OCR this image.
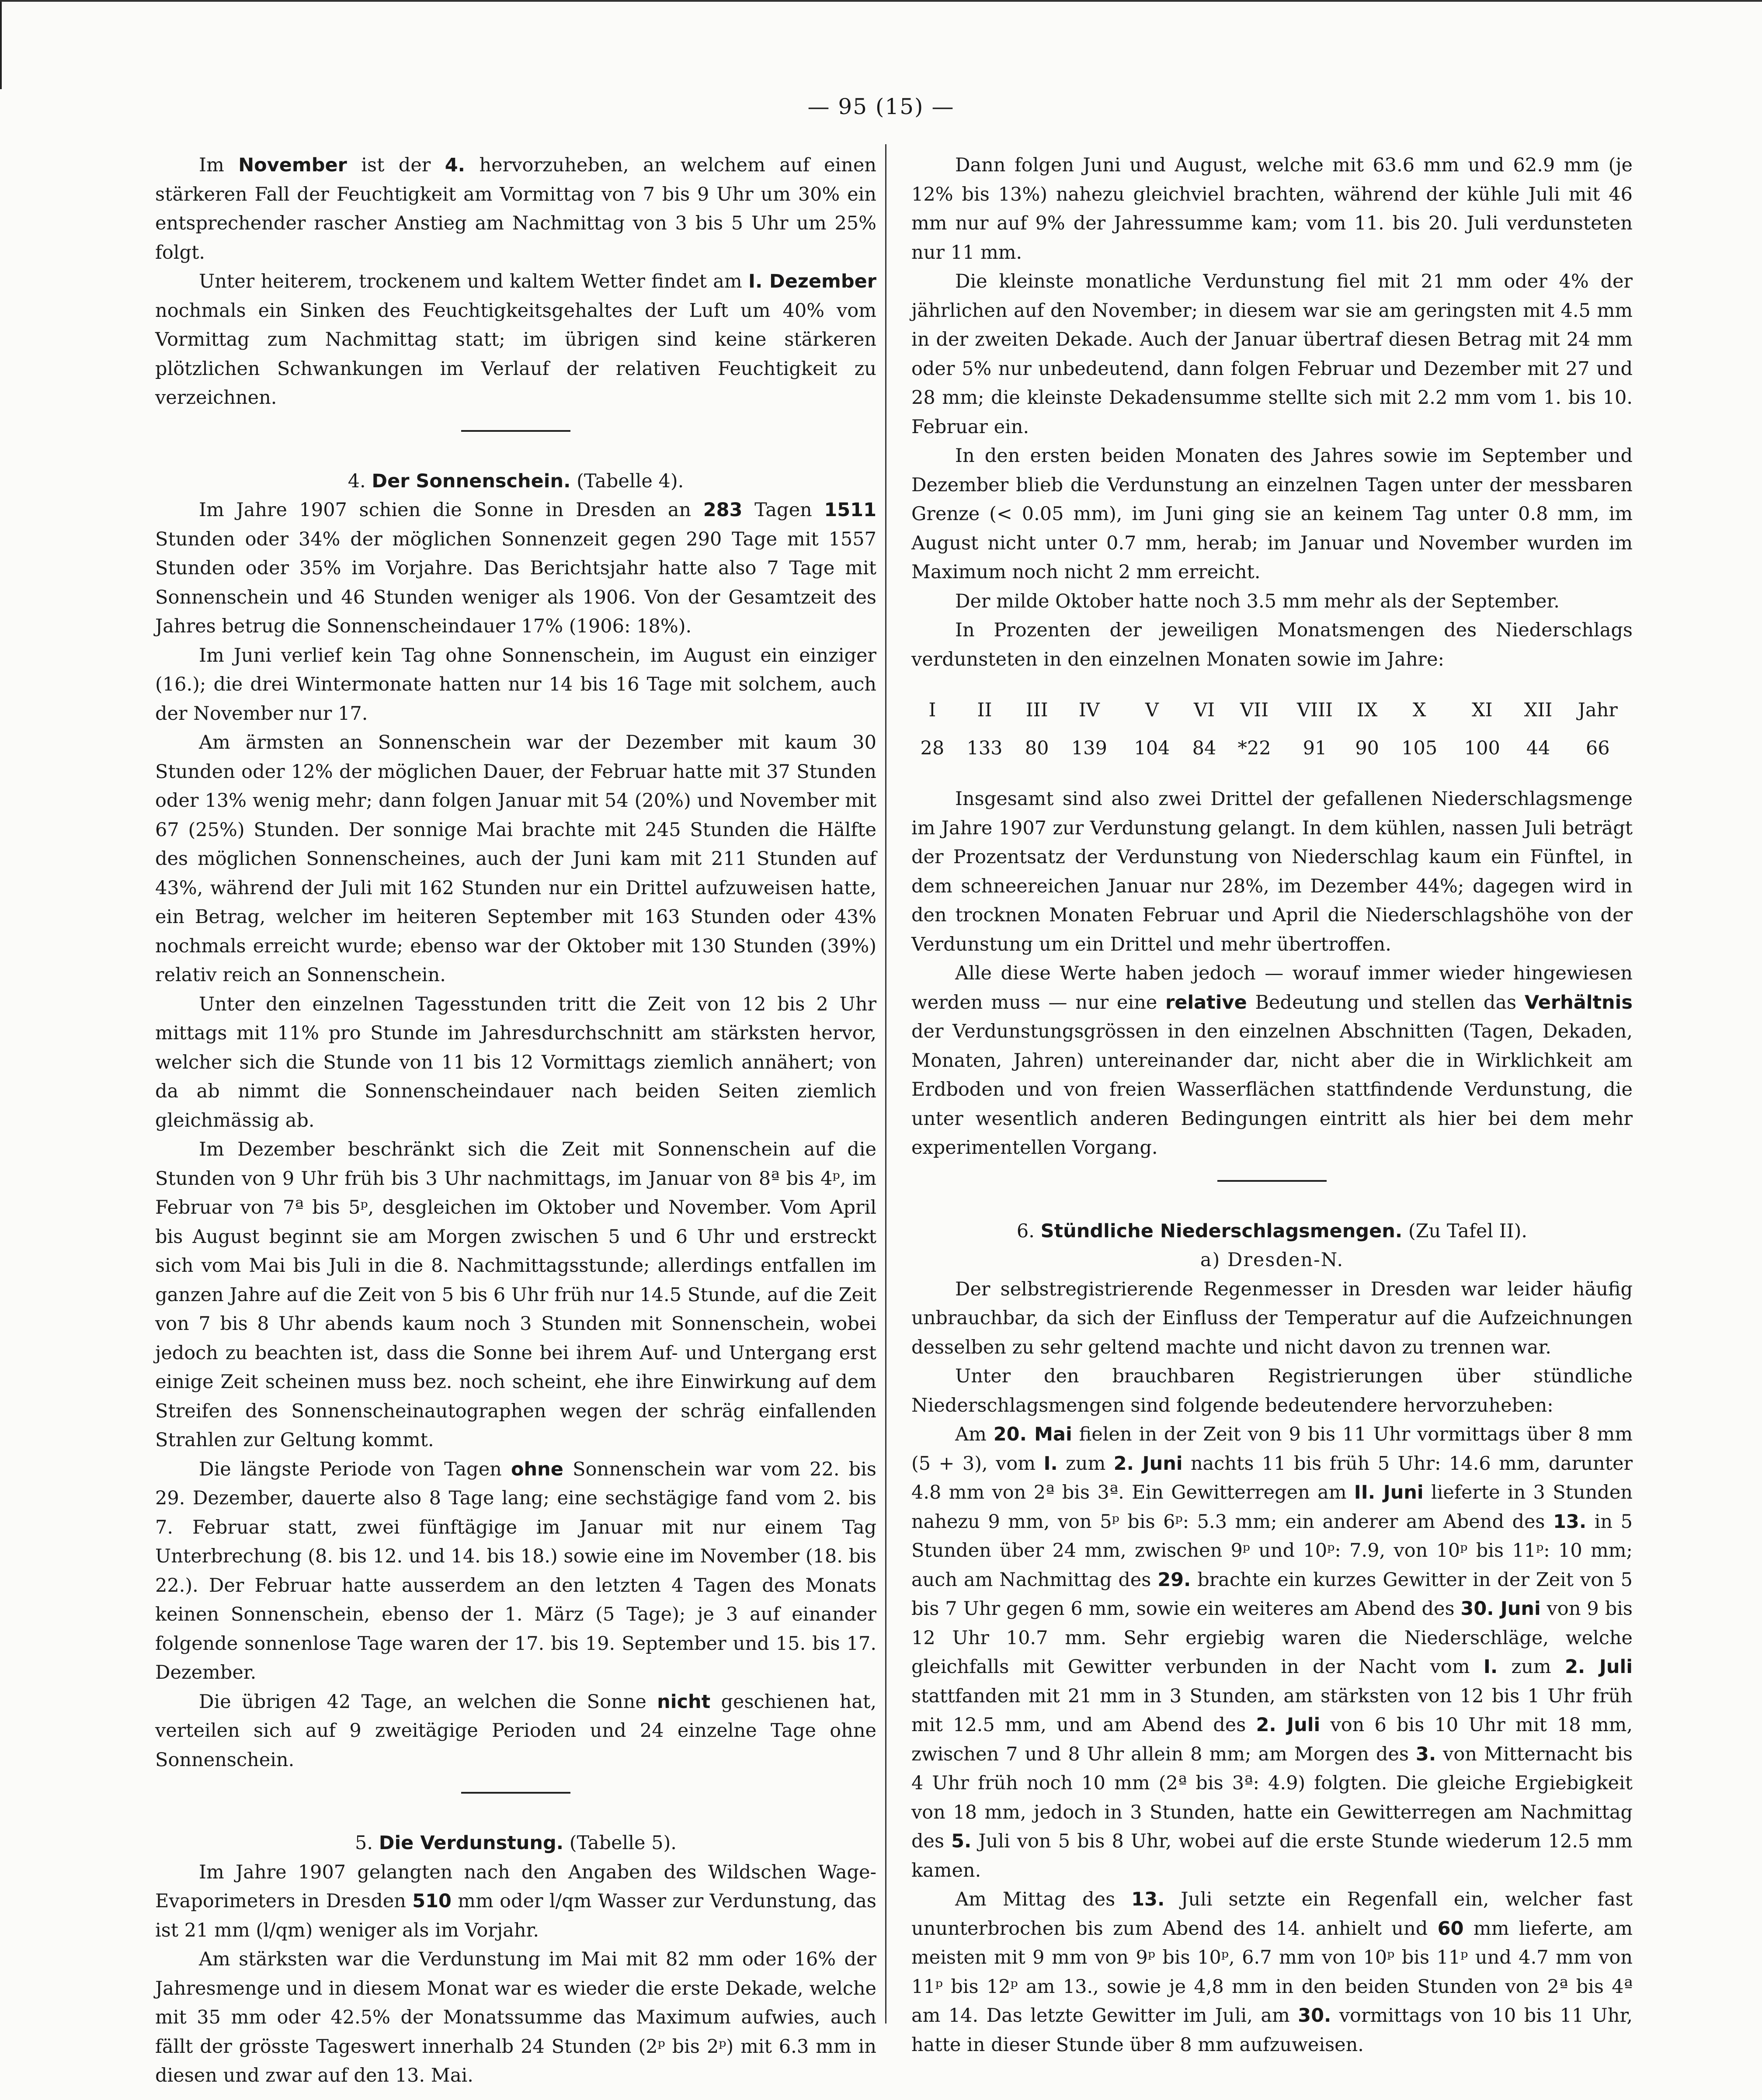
— 95 (15) —

Im November ist der 4. hervorzuheben, an welchem auf einen stärkeren Fall der Feuchtigkeit am Vormittag von 7 bis 9 Uhr um 30% ein entsprechender rascher Anstieg am Nachmittag von 3 bis 5 Uhr um 25% folgt.

Unter heiterem, trockenem und kaltem Wetter findet am I. Dezember nochmals ein Sinken des Feuchtigkeitsgehaltes der Luft um 40% vom Vormittag zum Nachmittag statt; im übrigen sind keine stärkeren plötzlichen Schwankungen im Verlauf der relativen Feuchtigkeit zu verzeichnen.

4. Der Sonnenschein. (Tabelle 4).

Im Jahre 1907 schien die Sonne in Dresden an 283 Tagen 1511 Stunden oder 34% der möglichen Sonnenzeit gegen 290 Tage mit 1557 Stunden oder 35% im Vorjahre. Das Berichtsjahr hatte also 7 Tage mit Sonnenschein und 46 Stunden weniger als 1906. Von der Gesamtzeit des Jahres betrug die Sonnenscheindauer 17% (1906: 18%).

Im Juni verlief kein Tag ohne Sonnenschein, im August ein einziger (16.); die drei Wintermonate hatten nur 14 bis 16 Tage mit solchem, auch der November nur 17.

Am ärmsten an Sonnenschein war der Dezember mit kaum 30 Stunden oder 12% der möglichen Dauer, der Februar hatte mit 37 Stunden oder 13% wenig mehr; dann folgen Januar mit 54 (20%) und November mit 67 (25%) Stunden. Der sonnige Mai brachte mit 245 Stunden die Hälfte des möglichen Sonnenscheines, auch der Juni kam mit 211 Stunden auf 43%, während der Juli mit 162 Stunden nur ein Drittel aufzuweisen hatte, ein Betrag, welcher im heiteren September mit 163 Stunden oder 43% nochmals erreicht wurde; ebenso war der Oktober mit 130 Stunden (39%) relativ reich an Sonnenschein.

Unter den einzelnen Tagesstunden tritt die Zeit von 12 bis 2 Uhr mittags mit 11% pro Stunde im Jahresdurchschnitt am stärksten hervor, welcher sich die Stunde von 11 bis 12 Vormittags ziemlich annähert; von da ab nimmt die Sonnenscheindauer nach beiden Seiten ziemlich gleichmässig ab.

Im Dezember beschränkt sich die Zeit mit Sonnenschein auf die Stunden von 9 Uhr früh bis 3 Uhr nachmittags, im Januar von 8ª bis 4ᵖ, im Februar von 7ª bis 5ᵖ, desgleichen im Oktober und November. Vom April bis August beginnt sie am Morgen zwischen 5 und 6 Uhr und erstreckt sich vom Mai bis Juli in die 8. Nachmittagsstunde; allerdings entfallen im ganzen Jahre auf die Zeit von 5 bis 6 Uhr früh nur 14.5 Stunde, auf die Zeit von 7 bis 8 Uhr abends kaum noch 3 Stunden mit Sonnenschein, wobei jedoch zu beachten ist, dass die Sonne bei ihrem Auf- und Untergang erst einige Zeit scheinen muss bez. noch scheint, ehe ihre Einwirkung auf dem Streifen des Sonnenscheinautographen wegen der schräg einfallenden Strahlen zur Geltung kommt.

Die längste Periode von Tagen ohne Sonnenschein war vom 22. bis 29. Dezember, dauerte also 8 Tage lang; eine sechstägige fand vom 2. bis 7. Februar statt, zwei fünftägige im Januar mit nur einem Tag Unterbrechung (8. bis 12. und 14. bis 18.) sowie eine im November (18. bis 22.). Der Februar hatte ausserdem an den letzten 4 Tagen des Monats keinen Sonnenschein, ebenso der 1. März (5 Tage); je 3 auf einander folgende sonnenlose Tage waren der 17. bis 19. September und 15. bis 17. Dezember.

Die übrigen 42 Tage, an welchen die Sonne nicht geschienen hat, verteilen sich auf 9 zweitägige Perioden und 24 einzelne Tage ohne Sonnenschein.

5. Die Verdunstung. (Tabelle 5).

Im Jahre 1907 gelangten nach den Angaben des Wildschen Wage-Evaporimeters in Dresden 510 mm oder l/qm Wasser zur Verdunstung, das ist 21 mm (l/qm) weniger als im Vorjahr.

Am stärksten war die Verdunstung im Mai mit 82 mm oder 16% der Jahresmenge und in diesem Monat war es wieder die erste Dekade, welche mit 35 mm oder 42.5% der Monatssumme das Maximum aufwies, auch fällt der grösste Tageswert innerhalb 24 Stunden (2ᵖ bis 2ᵖ) mit 6.3 mm in diesen und zwar auf den 13. Mai.

Dann folgen Juni und August, welche mit 63.6 mm und 62.9 mm (je 12% bis 13%) nahezu gleichviel brachten, während der kühle Juli mit 46 mm nur auf 9% der Jahressumme kam; vom 11. bis 20. Juli verdunsteten nur 11 mm.

Die kleinste monatliche Verdunstung fiel mit 21 mm oder 4% der jährlichen auf den November; in diesem war sie am geringsten mit 4.5 mm in der zweiten Dekade. Auch der Januar übertraf diesen Betrag mit 24 mm oder 5% nur unbedeutend, dann folgen Februar und Dezember mit 27 und 28 mm; die kleinste Dekadensumme stellte sich mit 2.2 mm vom 1. bis 10. Februar ein.

In den ersten beiden Monaten des Jahres sowie im September und Dezember blieb die Verdunstung an einzelnen Tagen unter der messbaren Grenze (< 0.05 mm), im Juni ging sie an keinem Tag unter 0.8 mm, im August nicht unter 0.7 mm, herab; im Januar und November wurden im Maximum noch nicht 2 mm erreicht.

Der milde Oktober hatte noch 3.5 mm mehr als der September.

In Prozenten der jeweiligen Monatsmengen des Niederschlags verdunsteten in den einzelnen Monaten sowie im Jahre:

I	II	III	IV	V	VI	VII	VIII	IX	X	XI	XII	Jahr
28	133	80	139	104	84	*22	91	90	105	100	44	66

Insgesamt sind also zwei Drittel der gefallenen Niederschlagsmenge im Jahre 1907 zur Verdunstung gelangt. In dem kühlen, nassen Juli beträgt der Prozentsatz der Verdunstung von Niederschlag kaum ein Fünftel, in dem schneereichen Januar nur 28%, im Dezember 44%; dagegen wird in den trocknen Monaten Februar und April die Niederschlagshöhe von der Verdunstung um ein Drittel und mehr übertroffen.

Alle diese Werte haben jedoch — worauf immer wieder hingewiesen werden muss — nur eine relative Bedeutung und stellen das Verhältnis der Verdunstungsgrössen in den einzelnen Abschnitten (Tagen, Dekaden, Monaten, Jahren) untereinander dar, nicht aber die in Wirklichkeit am Erdboden und von freien Wasserflächen stattfindende Verdunstung, die unter wesentlich anderen Bedingungen eintritt als hier bei dem mehr experimentellen Vorgang.

6. Stündliche Niederschlagsmengen. (Zu Tafel II).

a) Dresden-N.

Der selbstregistrierende Regenmesser in Dresden war leider häufig unbrauchbar, da sich der Einfluss der Temperatur auf die Aufzeichnungen desselben zu sehr geltend machte und nicht davon zu trennen war.

Unter den brauchbaren Registrierungen über stündliche Niederschlagsmengen sind folgende bedeutendere hervorzuheben:

Am 20. Mai fielen in der Zeit von 9 bis 11 Uhr vormittags über 8 mm (5 + 3), vom I. zum 2. Juni nachts 11 bis früh 5 Uhr: 14.6 mm, darunter 4.8 mm von 2ª bis 3ª. Ein Gewitterregen am II. Juni lieferte in 3 Stunden nahezu 9 mm, von 5ᵖ bis 6ᵖ: 5.3 mm; ein anderer am Abend des 13. in 5 Stunden über 24 mm, zwischen 9ᵖ und 10ᵖ: 7.9, von 10ᵖ bis 11ᵖ: 10 mm; auch am Nachmittag des 29. brachte ein kurzes Gewitter in der Zeit von 5 bis 7 Uhr gegen 6 mm, sowie ein weiteres am Abend des 30. Juni von 9 bis 12 Uhr 10.7 mm. Sehr ergiebig waren die Niederschläge, welche gleichfalls mit Gewitter verbunden in der Nacht vom I. zum 2. Juli stattfanden mit 21 mm in 3 Stunden, am stärksten von 12 bis 1 Uhr früh mit 12.5 mm, und am Abend des 2. Juli von 6 bis 10 Uhr mit 18 mm, zwischen 7 und 8 Uhr allein 8 mm; am Morgen des 3. von Mitternacht bis 4 Uhr früh noch 10 mm (2ª bis 3ª: 4.9) folgten. Die gleiche Ergiebigkeit von 18 mm, jedoch in 3 Stunden, hatte ein Gewitterregen am Nachmittag des 5. Juli von 5 bis 8 Uhr, wobei auf die erste Stunde wiederum 12.5 mm kamen.

Am Mittag des 13. Juli setzte ein Regenfall ein, welcher fast ununterbrochen bis zum Abend des 14. anhielt und 60 mm lieferte, am meisten mit 9 mm von 9ᵖ bis 10ᵖ, 6.7 mm von 10ᵖ bis 11ᵖ und 4.7 mm von 11ᵖ bis 12ᵖ am 13., sowie je 4,8 mm in den beiden Stunden von 2ª bis 4ª am 14. Das letzte Gewitter im Juli, am 30. vormittags von 10 bis 11 Uhr, hatte in dieser Stunde über 8 mm aufzuweisen.
